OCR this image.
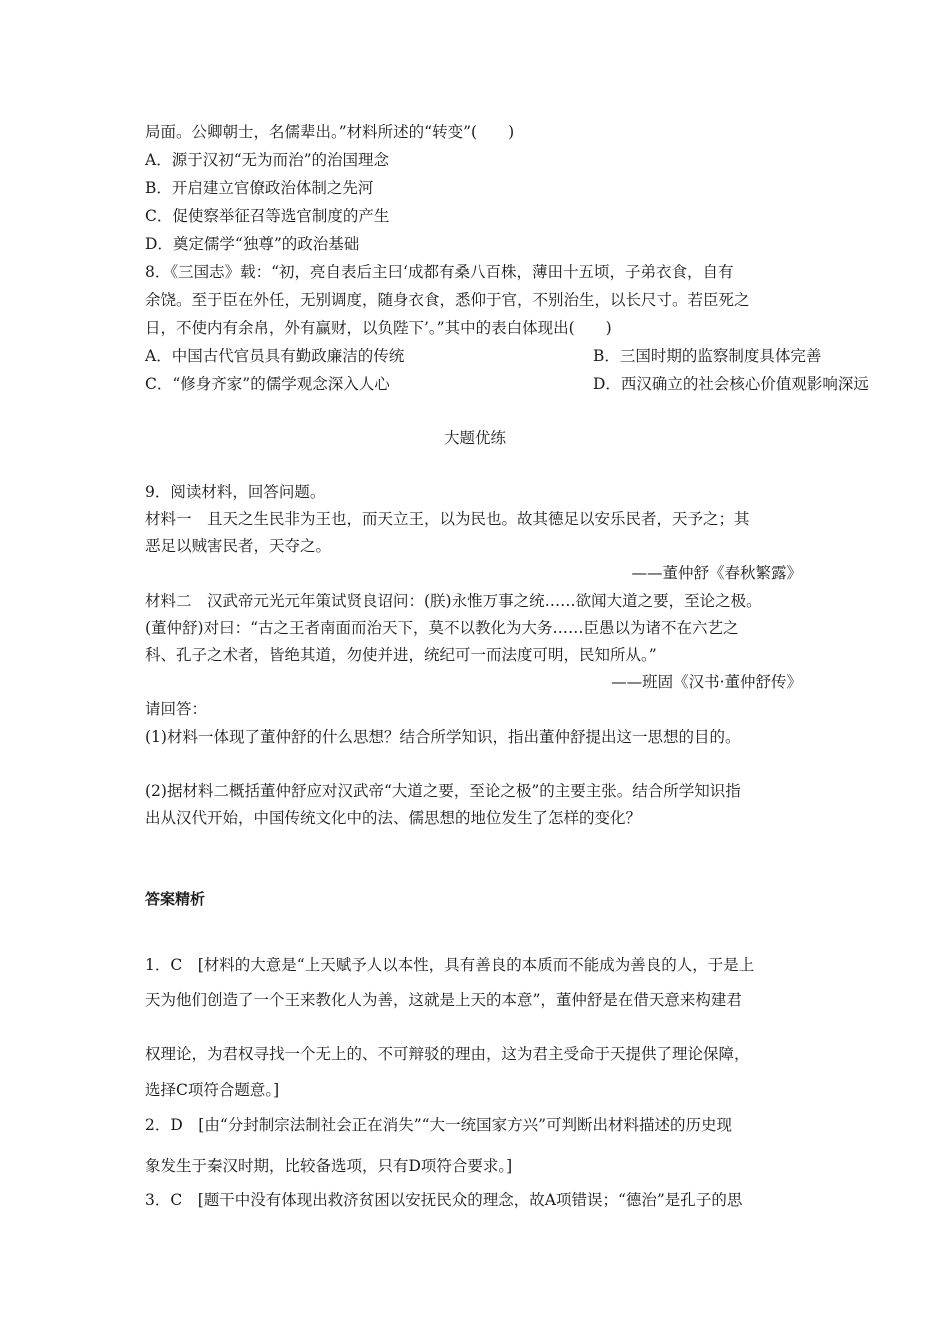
局面。公卿朝士，名儒辈出。”材料所述的“转变”(　　)
A．源于汉初“无为而治”的治国理念
B．开启建立官僚政治体制之先河
C．促使察举征召等选官制度的产生
D．奠定儒学“独尊”的政治基础
8．《三国志》载：“初，亮自表后主曰‘成都有桑八百株，薄田十五顷，子弟衣食，自有
余饶。至于臣在外任，无别调度，随身衣食，悉仰于官，不别治生，以长尺寸。若臣死之
日，不使内有余帛，外有赢财，以负陛下’。”其中的表白体现出(　　)
A．中国古代官员具有勤政廉洁的传统	B．三国时期的监察制度具体完善
C．“修身齐家”的儒学观念深入人心	D．西汉确立的社会核心价值观影响深远
大题优练
9．阅读材料，回答问题。
材料一　且天之生民非为王也，而天立王，以为民也。故其德足以安乐民者，天予之；其
恶足以贼害民者，天夺之。
——董仲舒《春秋繁露》
材料二　汉武帝元光元年策试贤良诏问：(朕)永惟万事之统……欲闻大道之要，至论之极。
(董仲舒)对曰：“古之王者南面而治天下，莫不以教化为大务……臣愚以为诸不在六艺之
科、孔子之术者，皆绝其道，勿使并进，统纪可一而法度可明，民知所从。”
——班固《汉书·董仲舒传》
请回答：
(1)材料一体现了董仲舒的什么思想？结合所学知识，指出董仲舒提出这一思想的目的。
(2)据材料二概括董仲舒应对汉武帝“大道之要，至论之极”的主要主张。结合所学知识指
出从汉代开始，中国传统文化中的法、儒思想的地位发生了怎样的变化？
答案精析
1．C　[材料的大意是“上天赋予人以本性，具有善良的本质而不能成为善良的人，于是上
天为他们创造了一个王来教化人为善，这就是上天的本意”，董仲舒是在借天意来构建君
权理论，为君权寻找一个无上的、不可辩驳的理由，这为君主受命于天提供了理论保障，
选择C项符合题意。]
2．D　[由“分封制宗法制社会正在消失”“大一统国家方兴”可判断出材料描述的历史现
象发生于秦汉时期，比较备选项，只有D项符合要求。]
3．C　[题干中没有体现出救济贫困以安抚民众的理念，故A项错误；“德治”是孔子的思
